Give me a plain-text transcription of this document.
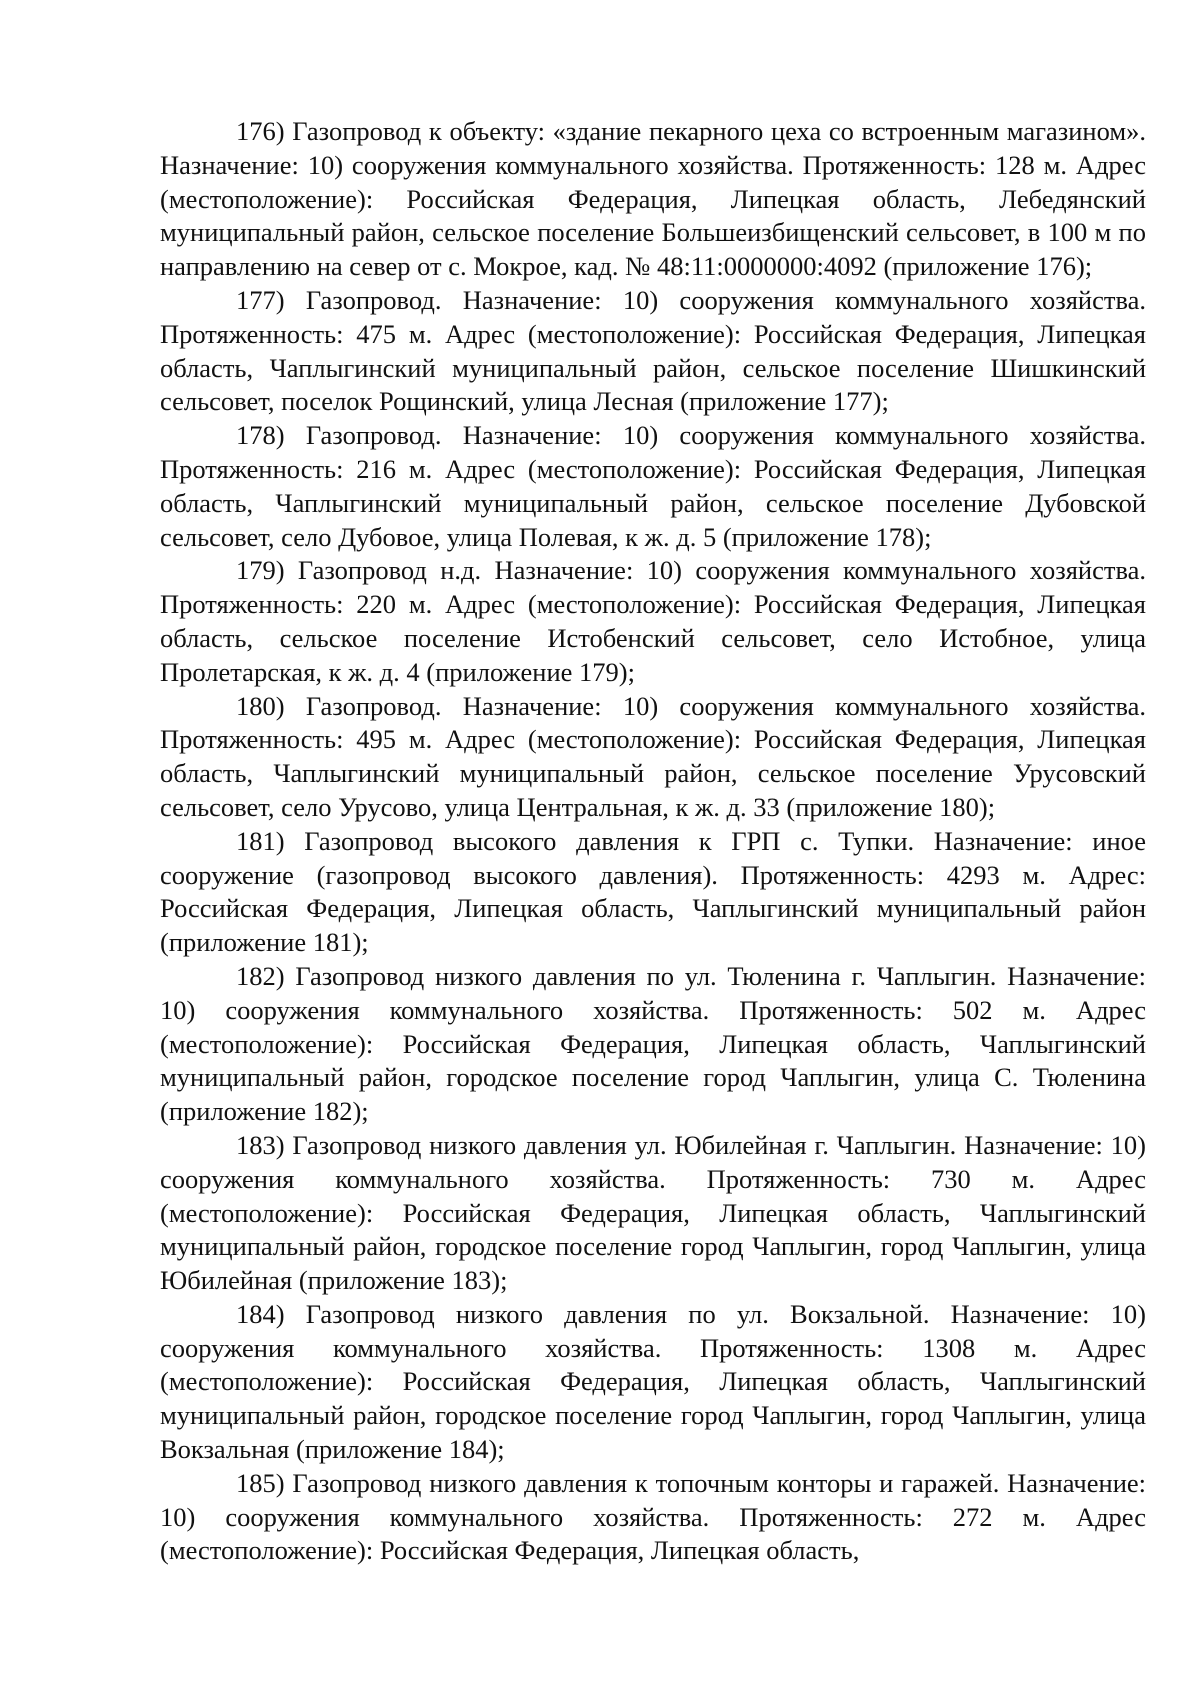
176) Газопровод к объекту: «здание пекарного цеха со встроенным магазином». Назначение: 10) сооружения коммунального хозяйства. Протяженность: 128 м. Адрес (местоположение): Российская Федерация, Липецкая область, Лебедянский муниципальный район, сельское поселение Большеизбищенский сельсовет, в 100 м по направлению на север от с. Мокрое, кад. № 48:11:0000000:4092 (приложение 176);

177) Газопровод. Назначение: 10) сооружения коммунального хозяйства. Протяженность: 475 м. Адрес (местоположение): Российская Федерация, Липецкая область, Чаплыгинский муниципальный район, сельское поселение Шишкинский сельсовет, поселок Рощинский, улица Лесная (приложение 177);

178) Газопровод. Назначение: 10) сооружения коммунального хозяйства. Протяженность: 216 м. Адрес (местоположение): Российская Федерация, Липецкая область, Чаплыгинский муниципальный район, сельское поселение Дубовской сельсовет, село Дубовое, улица Полевая, к ж. д. 5 (приложение 178);

179) Газопровод н.д. Назначение: 10) сооружения коммунального хозяйства. Протяженность: 220 м. Адрес (местоположение): Российская Федерация, Липецкая область, сельское поселение Истобенский сельсовет, село Истобное, улица Пролетарская, к ж. д. 4 (приложение 179);

180) Газопровод. Назначение: 10) сооружения коммунального хозяйства. Протяженность: 495 м. Адрес (местоположение): Российская Федерация, Липецкая область, Чаплыгинский муниципальный район, сельское поселение Урусовский сельсовет, село Урусово, улица Центральная, к ж. д. 33 (приложение 180);

181) Газопровод высокого давления к ГРП с. Тупки. Назначение: иное сооружение (газопровод высокого давления). Протяженность: 4293 м. Адрес: Российская Федерация, Липецкая область, Чаплыгинский муниципальный район (приложение 181);

182) Газопровод низкого давления по ул. Тюленина г. Чаплыгин. Назначение: 10) сооружения коммунального хозяйства. Протяженность: 502 м. Адрес (местоположение): Российская Федерация, Липецкая область, Чаплыгинский муниципальный район, городское поселение город Чаплыгин, улица С. Тюленина (приложение 182);

183) Газопровод низкого давления ул. Юбилейная г. Чаплыгин. Назначение: 10) сооружения коммунального хозяйства. Протяженность: 730 м. Адрес (местоположение): Российская Федерация, Липецкая область, Чаплыгинский муниципальный район, городское поселение город Чаплыгин, город Чаплыгин, улица Юбилейная (приложение 183);

184) Газопровод низкого давления по ул. Вокзальной. Назначение: 10) сооружения коммунального хозяйства. Протяженность: 1308 м. Адрес (местоположение): Российская Федерация, Липецкая область, Чаплыгинский муниципальный район, городское поселение город Чаплыгин, город Чаплыгин, улица Вокзальная (приложение 184);

185) Газопровод низкого давления к топочным конторы и гаражей. Назначение: 10) сооружения коммунального хозяйства. Протяженность: 272 м. Адрес (местоположение): Российская Федерация, Липецкая область,
